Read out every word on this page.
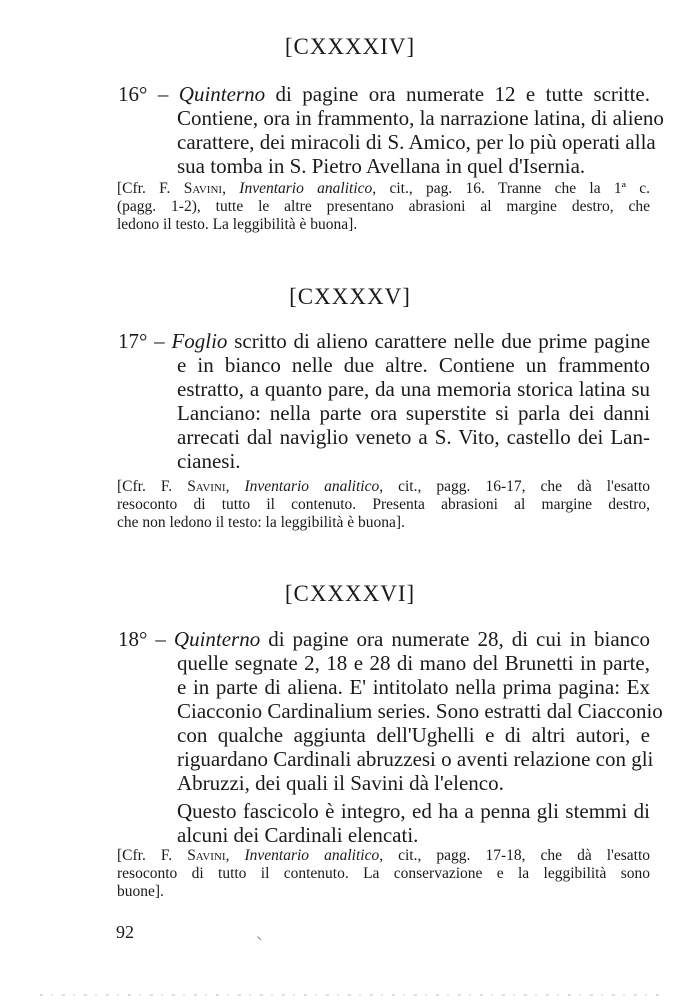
[CXXXXIV]
16° – Quinterno di pagine ora numerate 12 e tutte scritte.
Contiene, ora in frammento, la narrazione latina, di alieno
carattere, dei miracoli di S. Amico, per lo più operati alla
sua tomba in S. Pietro Avellana in quel d'Isernia.
[Cfr. F. Savini, Inventario analitico, cit., pag. 16. Tranne che la 1ª c.
(pagg. 1-2), tutte le altre presentano abrasioni al margine destro, che
ledono il testo. La leggibilità è buona].
[CXXXXV]
17° – Foglio scritto di alieno carattere nelle due prime pagine
e in bianco nelle due altre. Contiene un frammento
estratto, a quanto pare, da una memoria storica latina su
Lanciano: nella parte ora superstite si parla dei danni
arrecati dal naviglio veneto a S. Vito, castello dei Lan-
cianesi.
[Cfr. F. Savini, Inventario analitico, cit., pagg. 16-17, che dà l'esatto
resoconto di tutto il contenuto. Presenta abrasioni al margine destro,
che non ledono il testo: la leggibilità è buona].
[CXXXXVI]
18° – Quinterno di pagine ora numerate 28, di cui in bianco
quelle segnate 2, 18 e 28 di mano del Brunetti in parte,
e in parte di aliena. E' intitolato nella prima pagina: Ex
Ciacconio Cardinalium series. Sono estratti dal Ciacconio
con qualche aggiunta dell'Ughelli e di altri autori, e
riguardano Cardinali abruzzesi o aventi relazione con gli
Abruzzi, dei quali il Savini dà l'elenco.
Questo fascicolo è integro, ed ha a penna gli stemmi di
alcuni dei Cardinali elencati.
[Cfr. F. Savini, Inventario analitico, cit., pagg. 17-18, che dà l'esatto
resoconto di tutto il contenuto. La conservazione e la leggibilità sono
buone].
92
